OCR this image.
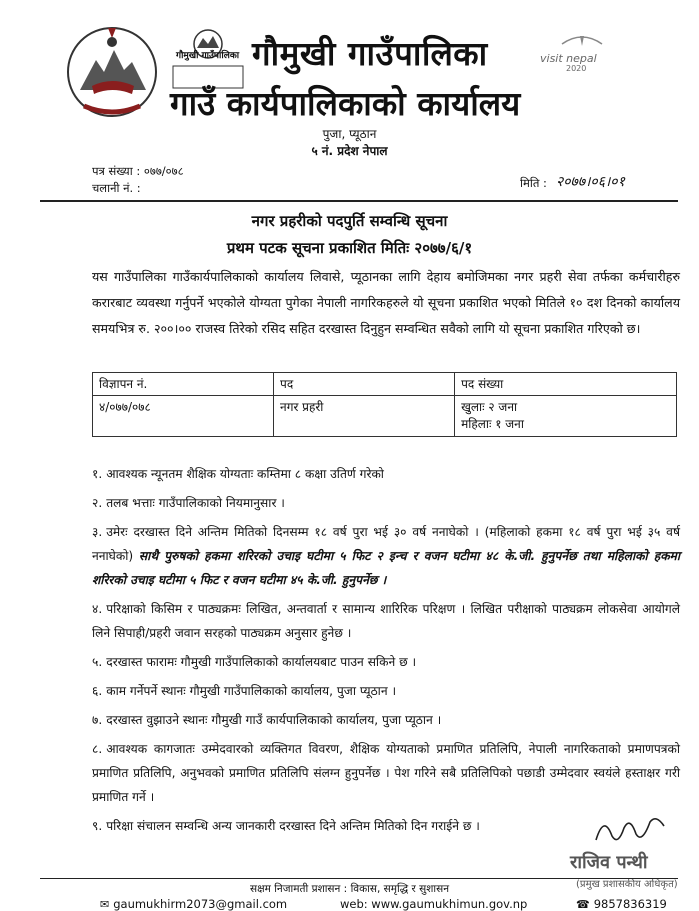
गौमुखी गाउँपालिका गौमुखी गाउँपालिका
गाउँ कार्यपालिकाको कार्यालय
visit nepal
2020
पुजा, प्यूठान
५ नं. प्रदेश नेपाल
पत्र संख्या : ०७७/०७८
चलानी नं. :	मिति : २०७७।०६।०१
नगर प्रहरीको पदपुर्ति सम्वन्धि सूचना
प्रथम पटक सूचना प्रकाशित मितिः २०७७/६/१
यस गाउँपालिका गाउँकार्यपालिकाको कार्यालय लिवासे, प्यूठानका लागि देहाय बमोजिमका नगर प्रहरी सेवा तर्फका कर्मचारीहरु करारबाट व्यवस्था गर्नुपर्ने भएकोले योग्यता पुगेका नेपाली नागरिकहरुले यो सूचना प्रकाशित भएको मितिले १० दश दिनको कार्यालय समयभित्र रु. २००।०० राजस्व तिरेको रसिद सहित दरखास्त दिनुहुन सम्वन्धित सवैको लागि यो सूचना प्रकाशित गरिएको छ।
विज्ञापन नं.	पद	पद संख्या
४/०७७/०७८	नगर प्रहरी	खुलाः २ जना
महिलाः १ जना
१. आवश्यक न्यूनतम शैक्षिक योग्यताः कम्तिमा ८ कक्षा उतिर्ण गरेको
२. तलब भत्ताः गाउँपालिकाको नियमानुसार ।
३. उमेरः दरखास्त दिने अन्तिम मितिको दिनसम्म १८ वर्ष पुरा भई ३० वर्ष ननाघेको । (महिलाको हकमा १८ वर्ष पुरा भई ३५ वर्ष ननाघेको) साथै पुरुषको हकमा शरिरको उचाइ घटीमा ५ फिट २ इन्च र वजन घटीमा ४८ के.जी. हुनुपर्नेछ तथा महिलाको हकमा शरिरको उचाइ घटीमा ५ फिट र वजन घटीमा ४५ के.जी. हुनुपर्नेछ ।
४. परिक्षाको किसिम र पाठ्यक्रमः लिखित, अन्तवार्ता र सामान्य शारिरिक परिक्षण । लिखित परीक्षाको पाठ्यक्रम लोकसेवा आयोगले लिने सिपाही/प्रहरी जवान सरहको पाठ्यक्रम अनुसार हुनेछ ।
५. दरखास्त फारामः गौमुखी गाउँपालिकाको कार्यालयबाट पाउन सकिने छ ।
६. काम गर्नेपर्ने स्थानः गौमुखी गाउँपालिकाको कार्यालय, पुजा प्यूठान ।
७. दरखास्त वुझाउने स्थानः गौमुखी गाउँ कार्यपालिकाको कार्यालय, पुजा प्यूठान ।
८. आवश्यक कागजातः उम्मेदवारको व्यक्तिगत विवरण, शैक्षिक योग्यताको प्रमाणित प्रतिलिपि, नेपाली नागरिकताको प्रमाणपत्रको प्रमाणित प्रतिलिपि, अनुभवको प्रमाणित प्रतिलिपि संलग्न हुनुपर्नेछ । पेश गरिने सबै प्रतिलिपिको पछाडी उम्मेदवार स्वयंले हस्ताक्षर गरी प्रमाणित गर्ने ।
९. परिक्षा संचालन सम्वन्धि अन्य जानकारी दरखास्त दिने अन्तिम मितिको दिन गराईने छ ।
राजिव पन्थी
(प्रमुख प्रशासकीय अधिकृत)
सक्षम निजामती प्रशासन : विकास, समृद्धि र सुशासन
✉ gaumukhirm2073@gmail.com	web: www.gaumukhimun.gov.np	☎ 9857836319
